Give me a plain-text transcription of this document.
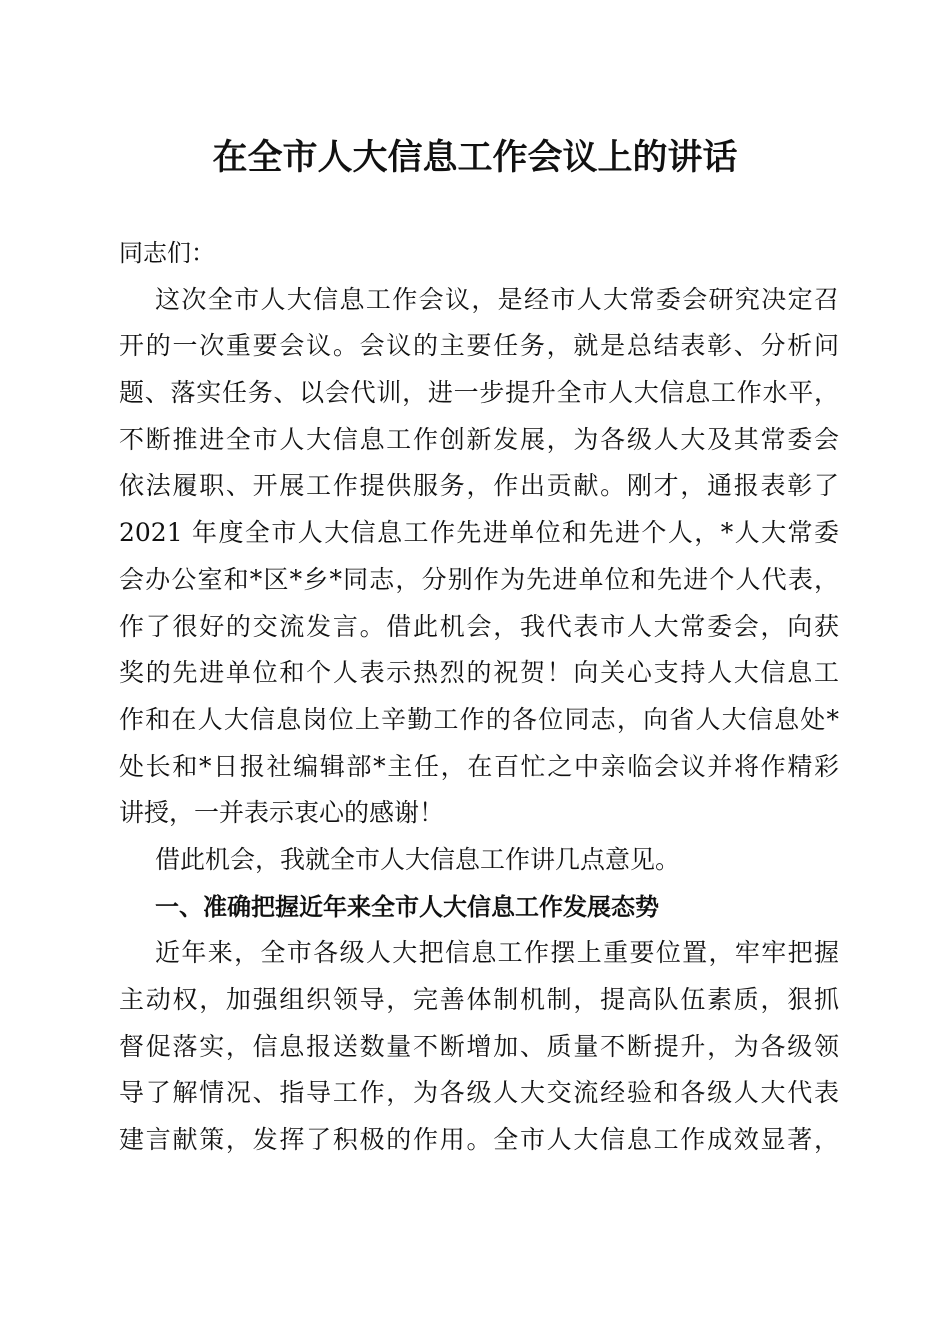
在全市人大信息工作会议上的讲话
同志们：
这次全市人大信息工作会议，是经市人大常委会研究决定召
开的一次重要会议。会议的主要任务，就是总结表彰、分析问
题、落实任务、以会代训，进一步提升全市人大信息工作水平，
不断推进全市人大信息工作创新发展，为各级人大及其常委会
依法履职、开展工作提供服务，作出贡献。刚才，通报表彰了
2021 年度全市人大信息工作先进单位和先进个人，*人大常委
会办公室和*区*乡*同志，分别作为先进单位和先进个人代表，
作了很好的交流发言。借此机会，我代表市人大常委会，向获
奖的先进单位和个人表示热烈的祝贺！向关心支持人大信息工
作和在人大信息岗位上辛勤工作的各位同志，向省人大信息处*
处长和*日报社编辑部*主任，在百忙之中亲临会议并将作精彩
讲授，一并表示衷心的感谢！
借此机会，我就全市人大信息工作讲几点意见。
一、准确把握近年来全市人大信息工作发展态势
近年来，全市各级人大把信息工作摆上重要位置，牢牢把握
主动权，加强组织领导，完善体制机制，提高队伍素质，狠抓
督促落实，信息报送数量不断增加、质量不断提升，为各级领
导了解情况、指导工作，为各级人大交流经验和各级人大代表
建言献策，发挥了积极的作用。全市人大信息工作成效显著，
